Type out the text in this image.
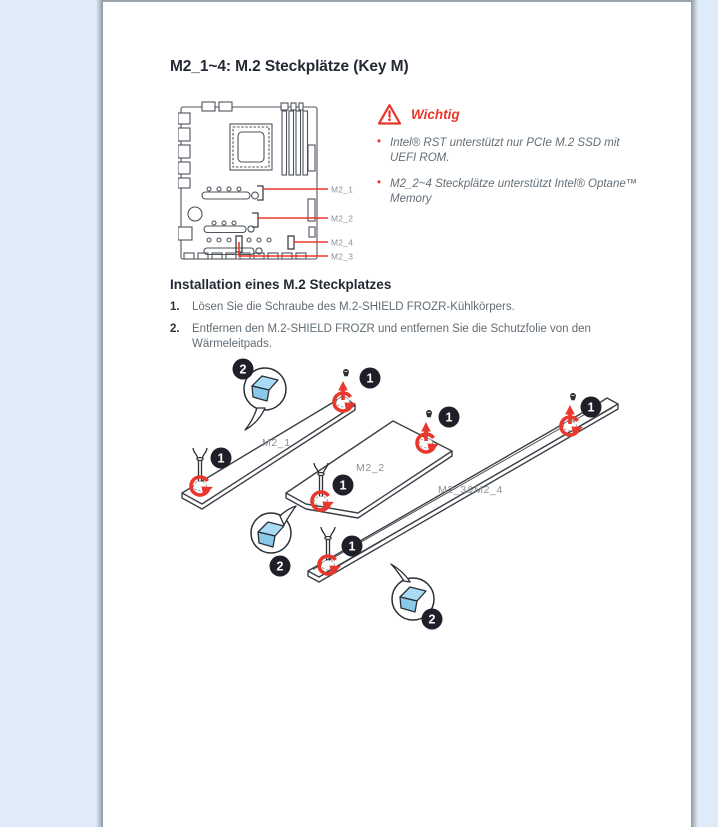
M2_1~4: M.2 Steckplätze (Key M)
M2_1
M2_2
M2_4
M2_3
Wichtig
• Intel® RST unterstützt nur PCIe M.2 SSD mit UEFI ROM.
• M2_2~4 Steckplätze unterstützt Intel® Optane™ Memory
Installation eines M.2 Steckplatzes
1.	Lösen Sie die Schraube des M.2-SHIELD FROZR-Kühlkörpers.
2.	Entfernen den M.2-SHIELD FROZR und entfernen Sie die Schutzfolie von den Wärmeleitpads.
M2_1
M2_2
M2_3&M2_4
2
1
1
1
1
1
1
2
2
